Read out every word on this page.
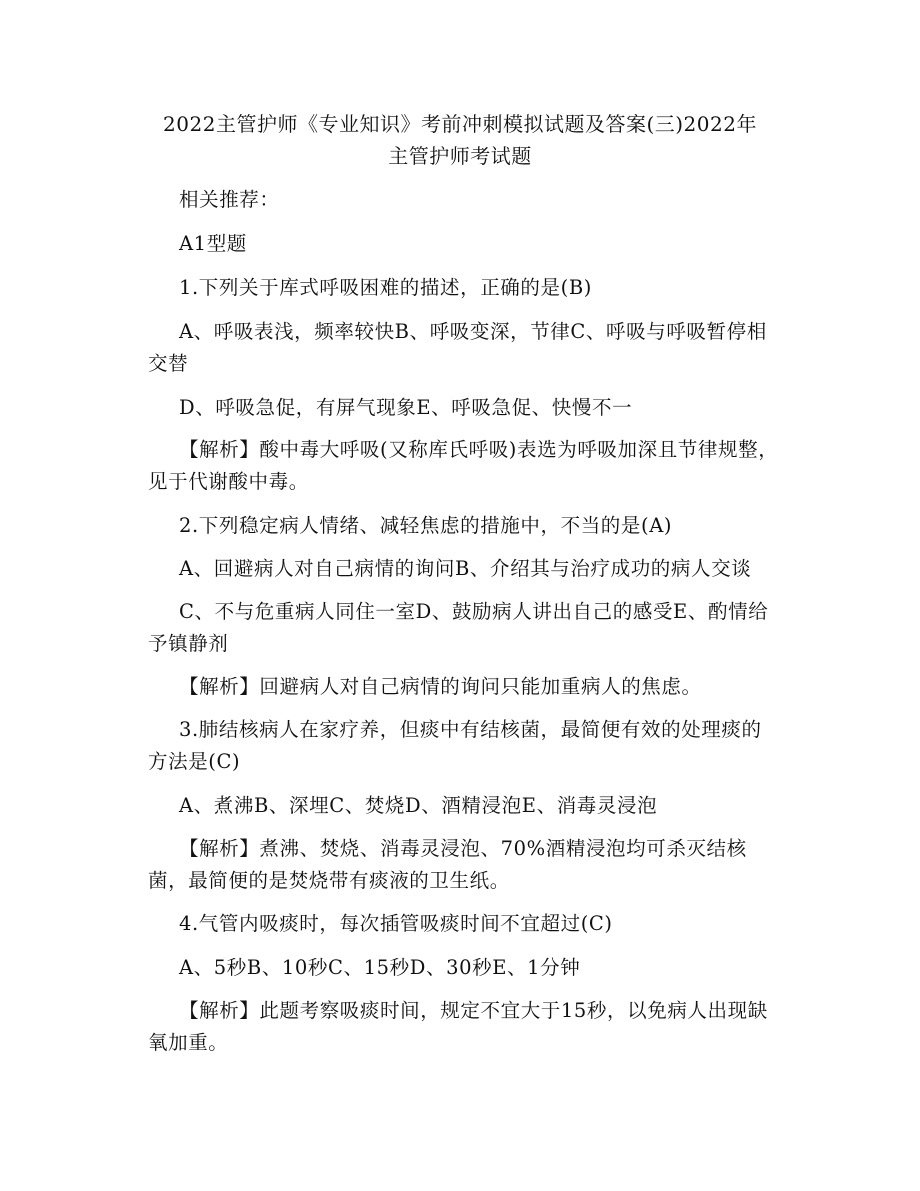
2022主管护师《专业知识》考前冲刺模拟试题及答案(三)2022年
主管护师考试题

相关推荐：

A1型题

1.下列关于库式呼吸困难的描述，正确的是(B)

A、呼吸表浅，频率较快B、呼吸变深，节律C、呼吸与呼吸暂停相交替

D、呼吸急促，有屏气现象E、呼吸急促、快慢不一

【解析】酸中毒大呼吸(又称库氏呼吸)表选为呼吸加深且节律规整，见于代谢酸中毒。

2.下列稳定病人情绪、减轻焦虑的措施中，不当的是(A)

A、回避病人对自己病情的询问B、介绍其与治疗成功的病人交谈

C、不与危重病人同住一室D、鼓励病人讲出自己的感受E、酌情给予镇静剂

【解析】回避病人对自己病情的询问只能加重病人的焦虑。

3.肺结核病人在家疗养，但痰中有结核菌，最简便有效的处理痰的方法是(C)

A、煮沸B、深埋C、焚烧D、酒精浸泡E、消毒灵浸泡

【解析】煮沸、焚烧、消毒灵浸泡、70%酒精浸泡均可杀灭结核菌，最简便的是焚烧带有痰液的卫生纸。

4.气管内吸痰时，每次插管吸痰时间不宜超过(C)

A、5秒B、10秒C、15秒D、30秒E、1分钟

【解析】此题考察吸痰时间，规定不宜大于15秒，以免病人出现缺氧加重。
